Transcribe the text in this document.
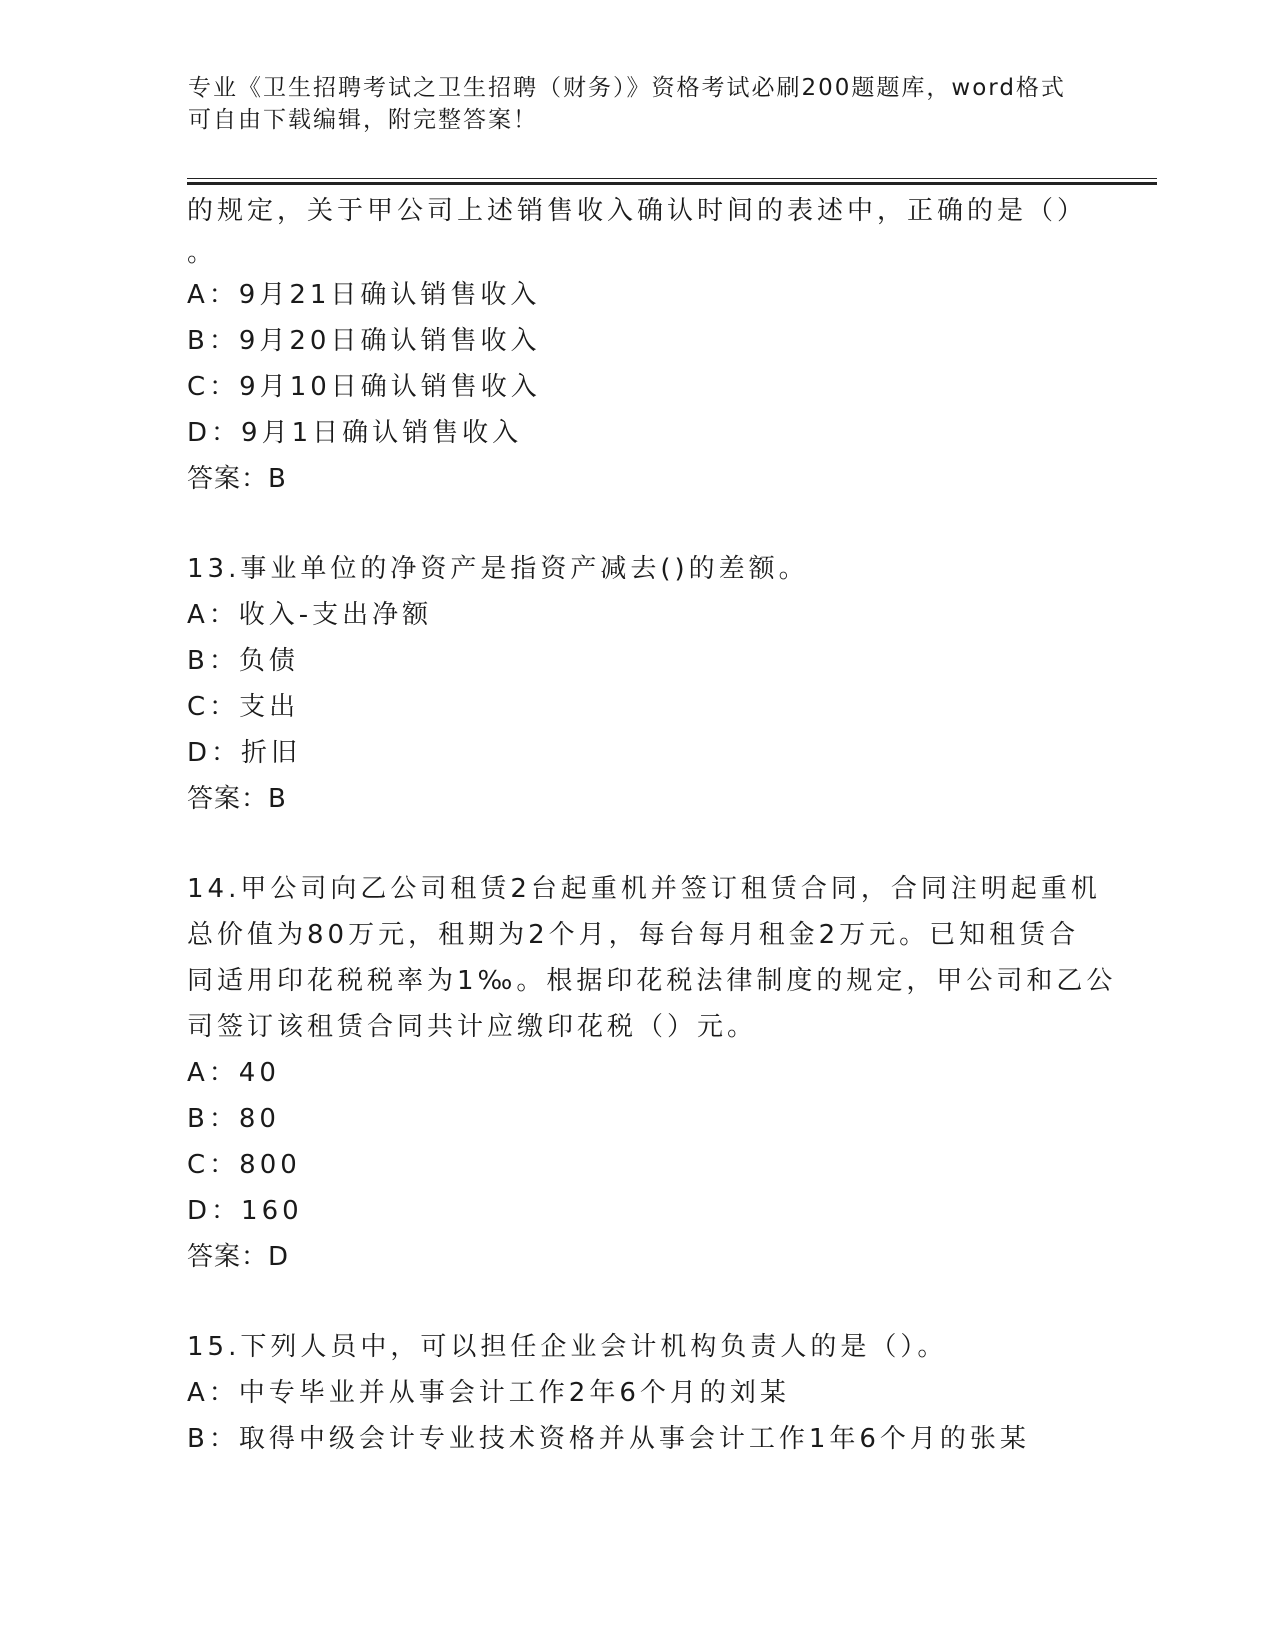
专业《卫生招聘考试之卫生招聘（财务）》资格考试必刷200题题库，word格式
可自由下载编辑，附完整答案！
的规定，关于甲公司上述销售收入确认时间的表述中，正确的是（）
。
A：9月21日确认销售收入
B：9月20日确认销售收入
C：9月10日确认销售收入
D：9月1日确认销售收入
答案：B
13.事业单位的净资产是指资产减去()的差额。
A：收入-支出净额
B：负债
C：支出
D：折旧
答案：B
14.甲公司向乙公司租赁2台起重机并签订租赁合同，合同注明起重机
总价值为80万元，租期为2个月，每台每月租金2万元。已知租赁合
同适用印花税税率为1‰。根据印花税法律制度的规定，甲公司和乙公
司签订该租赁合同共计应缴印花税（）元。
A：40
B：80
C：800
D：160
答案：D
15.下列人员中，可以担任企业会计机构负责人的是（）。
A：中专毕业并从事会计工作2年6个月的刘某
B：取得中级会计专业技术资格并从事会计工作1年6个月的张某
